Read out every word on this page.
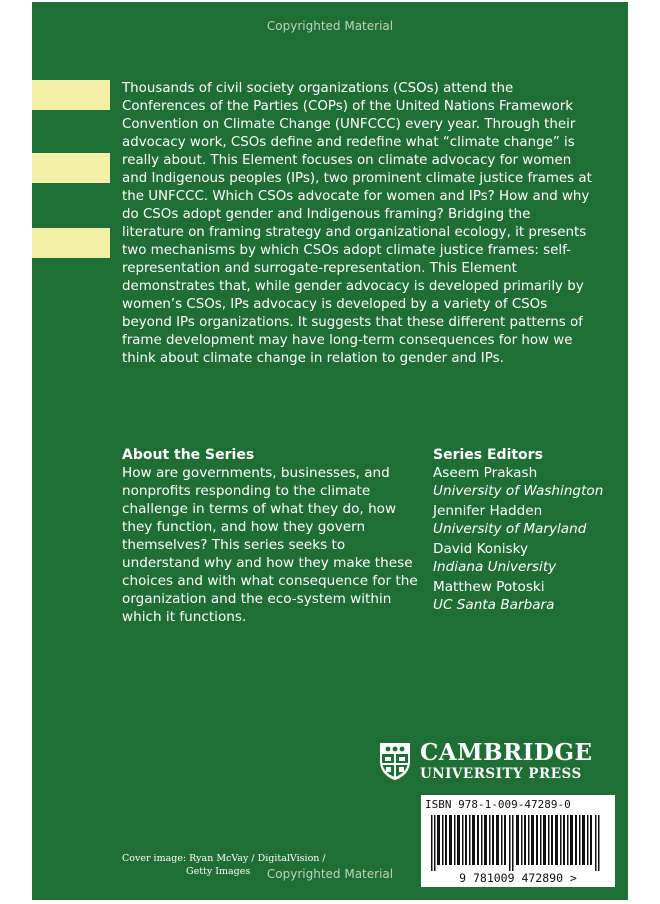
Copyrighted Material

Thousands of civil society organizations (CSOs) attend the Conferences of the Parties (COPs) of the United Nations Framework Convention on Climate Change (UNFCCC) every year. Through their advocacy work, CSOs define and redefine what “climate change” is really about. This Element focuses on climate advocacy for women and Indigenous peoples (IPs), two prominent climate justice frames at the UNFCCC. Which CSOs advocate for women and IPs? How and why do CSOs adopt gender and Indigenous framing? Bridging the literature on framing strategy and organizational ecology, it presents two mechanisms by which CSOs adopt climate justice frames: self-representation and surrogate-representation. This Element demonstrates that, while gender advocacy is developed primarily by women’s CSOs, IPs advocacy is developed by a variety of CSOs beyond IPs organizations. It suggests that these different patterns of frame development may have long-term consequences for how we think about climate change in relation to gender and IPs.

About the Series

How are governments, businesses, and nonprofits responding to the climate challenge in terms of what they do, how they function, and how they govern themselves? This series seeks to understand why and how they make these choices and with what consequence for the organization and the eco-system within which it functions.

Series Editors

Aseem Prakash
University of Washington
Jennifer Hadden
University of Maryland
David Konisky
Indiana University
Matthew Potoski
UC Santa Barbara
CAMBRIDGE
UNIVERSITY PRESS
ISBN 978-1-009-47289-0
9 781009 472890 >
Cover image: Ryan McVay / DigitalVision /
Getty Images	Copyrighted Material
